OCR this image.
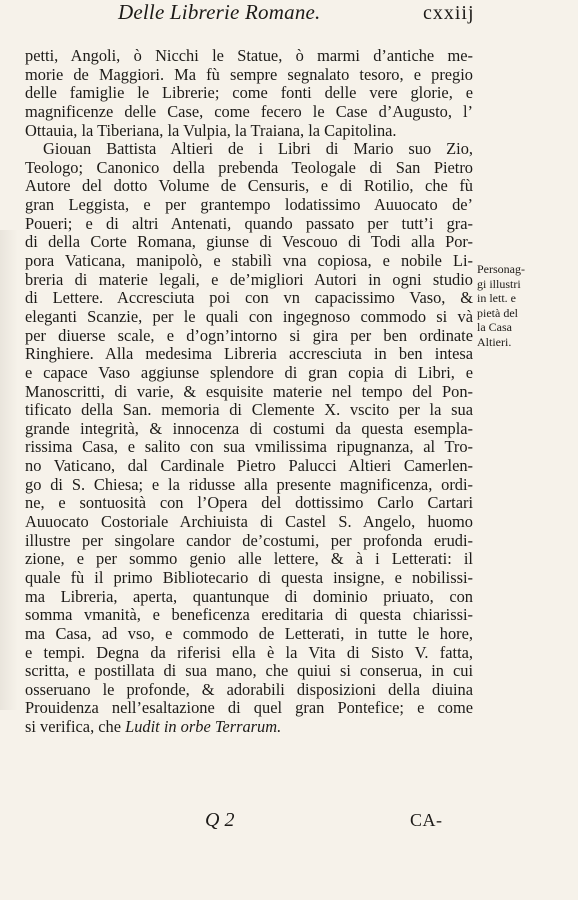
Delle Librerie Romane.	cxxiij
petti, Angoli, ò Nicchi le Statue, ò marmi d’antiche me-
morie de Maggiori. Ma fù sempre segnalato tesoro, e pregio
delle famiglie le Librerie; come fonti delle vere glorie, e
magnificenze delle Case, come fecero le Case d’Augusto, l’
Ottauia, la Tiberiana, la Vulpia, la Traiana, la Capitolina.
Giouan Battista Altieri de i Libri di Mario suo Zio,
Teologo; Canonico della prebenda Teologale di San Pietro
Autore del dotto Volume de Censuris, e di Rotilio, che fù
gran Leggista, e per grantempo lodatissimo Auuocato de’
Poueri; e di altri Antenati, quando passato per tutt’i gra-
di della Corte Romana, giunse di Vescouo di Todi alla Por-
pora Vaticana, manipolò, e stabilì vna copiosa, e nobile Li-
breria di materie legali, e de’migliori Autori in ogni studio
di Lettere. Accresciuta poi con vn capacissimo Vaso, &
eleganti Scanzie, per le quali con ingegnoso commodo si và
per diuerse scale, e d’ogn’intorno si gira per ben ordinate
Ringhiere. Alla medesima Libreria accresciuta in ben intesa
e capace Vaso aggiunse splendore di gran copia di Libri, e
Manoscritti, di varie, & esquisite materie nel tempo del Pon-
tificato della San. memoria di Clemente X. vscito per la sua
grande integrità, & innocenza di costumi da questa esempla-
rissima Casa, e salito con sua vmilissima ripugnanza, al Tro-
no Vaticano, dal Cardinale Pietro Palucci Altieri Camerlen-
go di S. Chiesa; e la ridusse alla presente magnificenza, ordi-
ne, e sontuosità con l’Opera del dottissimo Carlo Cartari
Auuocato Costoriale Archiuista di Castel S. Angelo, huomo
illustre per singolare candor de’costumi, per profonda erudi-
zione, e per sommo genio alle lettere, & à i Letterati: il
quale fù il primo Bibliotecario di questa insigne, e nobilissi-
ma Libreria, aperta, quantunque di dominio priuato, con
somma vmanità, e beneficenza ereditaria di questa chiarissi-
ma Casa, ad vso, e commodo de Letterati, in tutte le hore,
e tempi. Degna da riferisi ella è la Vita di Sisto V. fatta,
scritta, e postillata di sua mano, che quiui si conserua, in cui
osseruano le profonde, & adorabili disposizioni della diuina
Prouidenza nell’esaltazione di quel gran Pontefice; e come
si verifica, che Ludit in orbe Terrarum.
Personag-
gi illustri
in lett. e
pietà del
la Casa
Altieri.
Q 2	CA-
